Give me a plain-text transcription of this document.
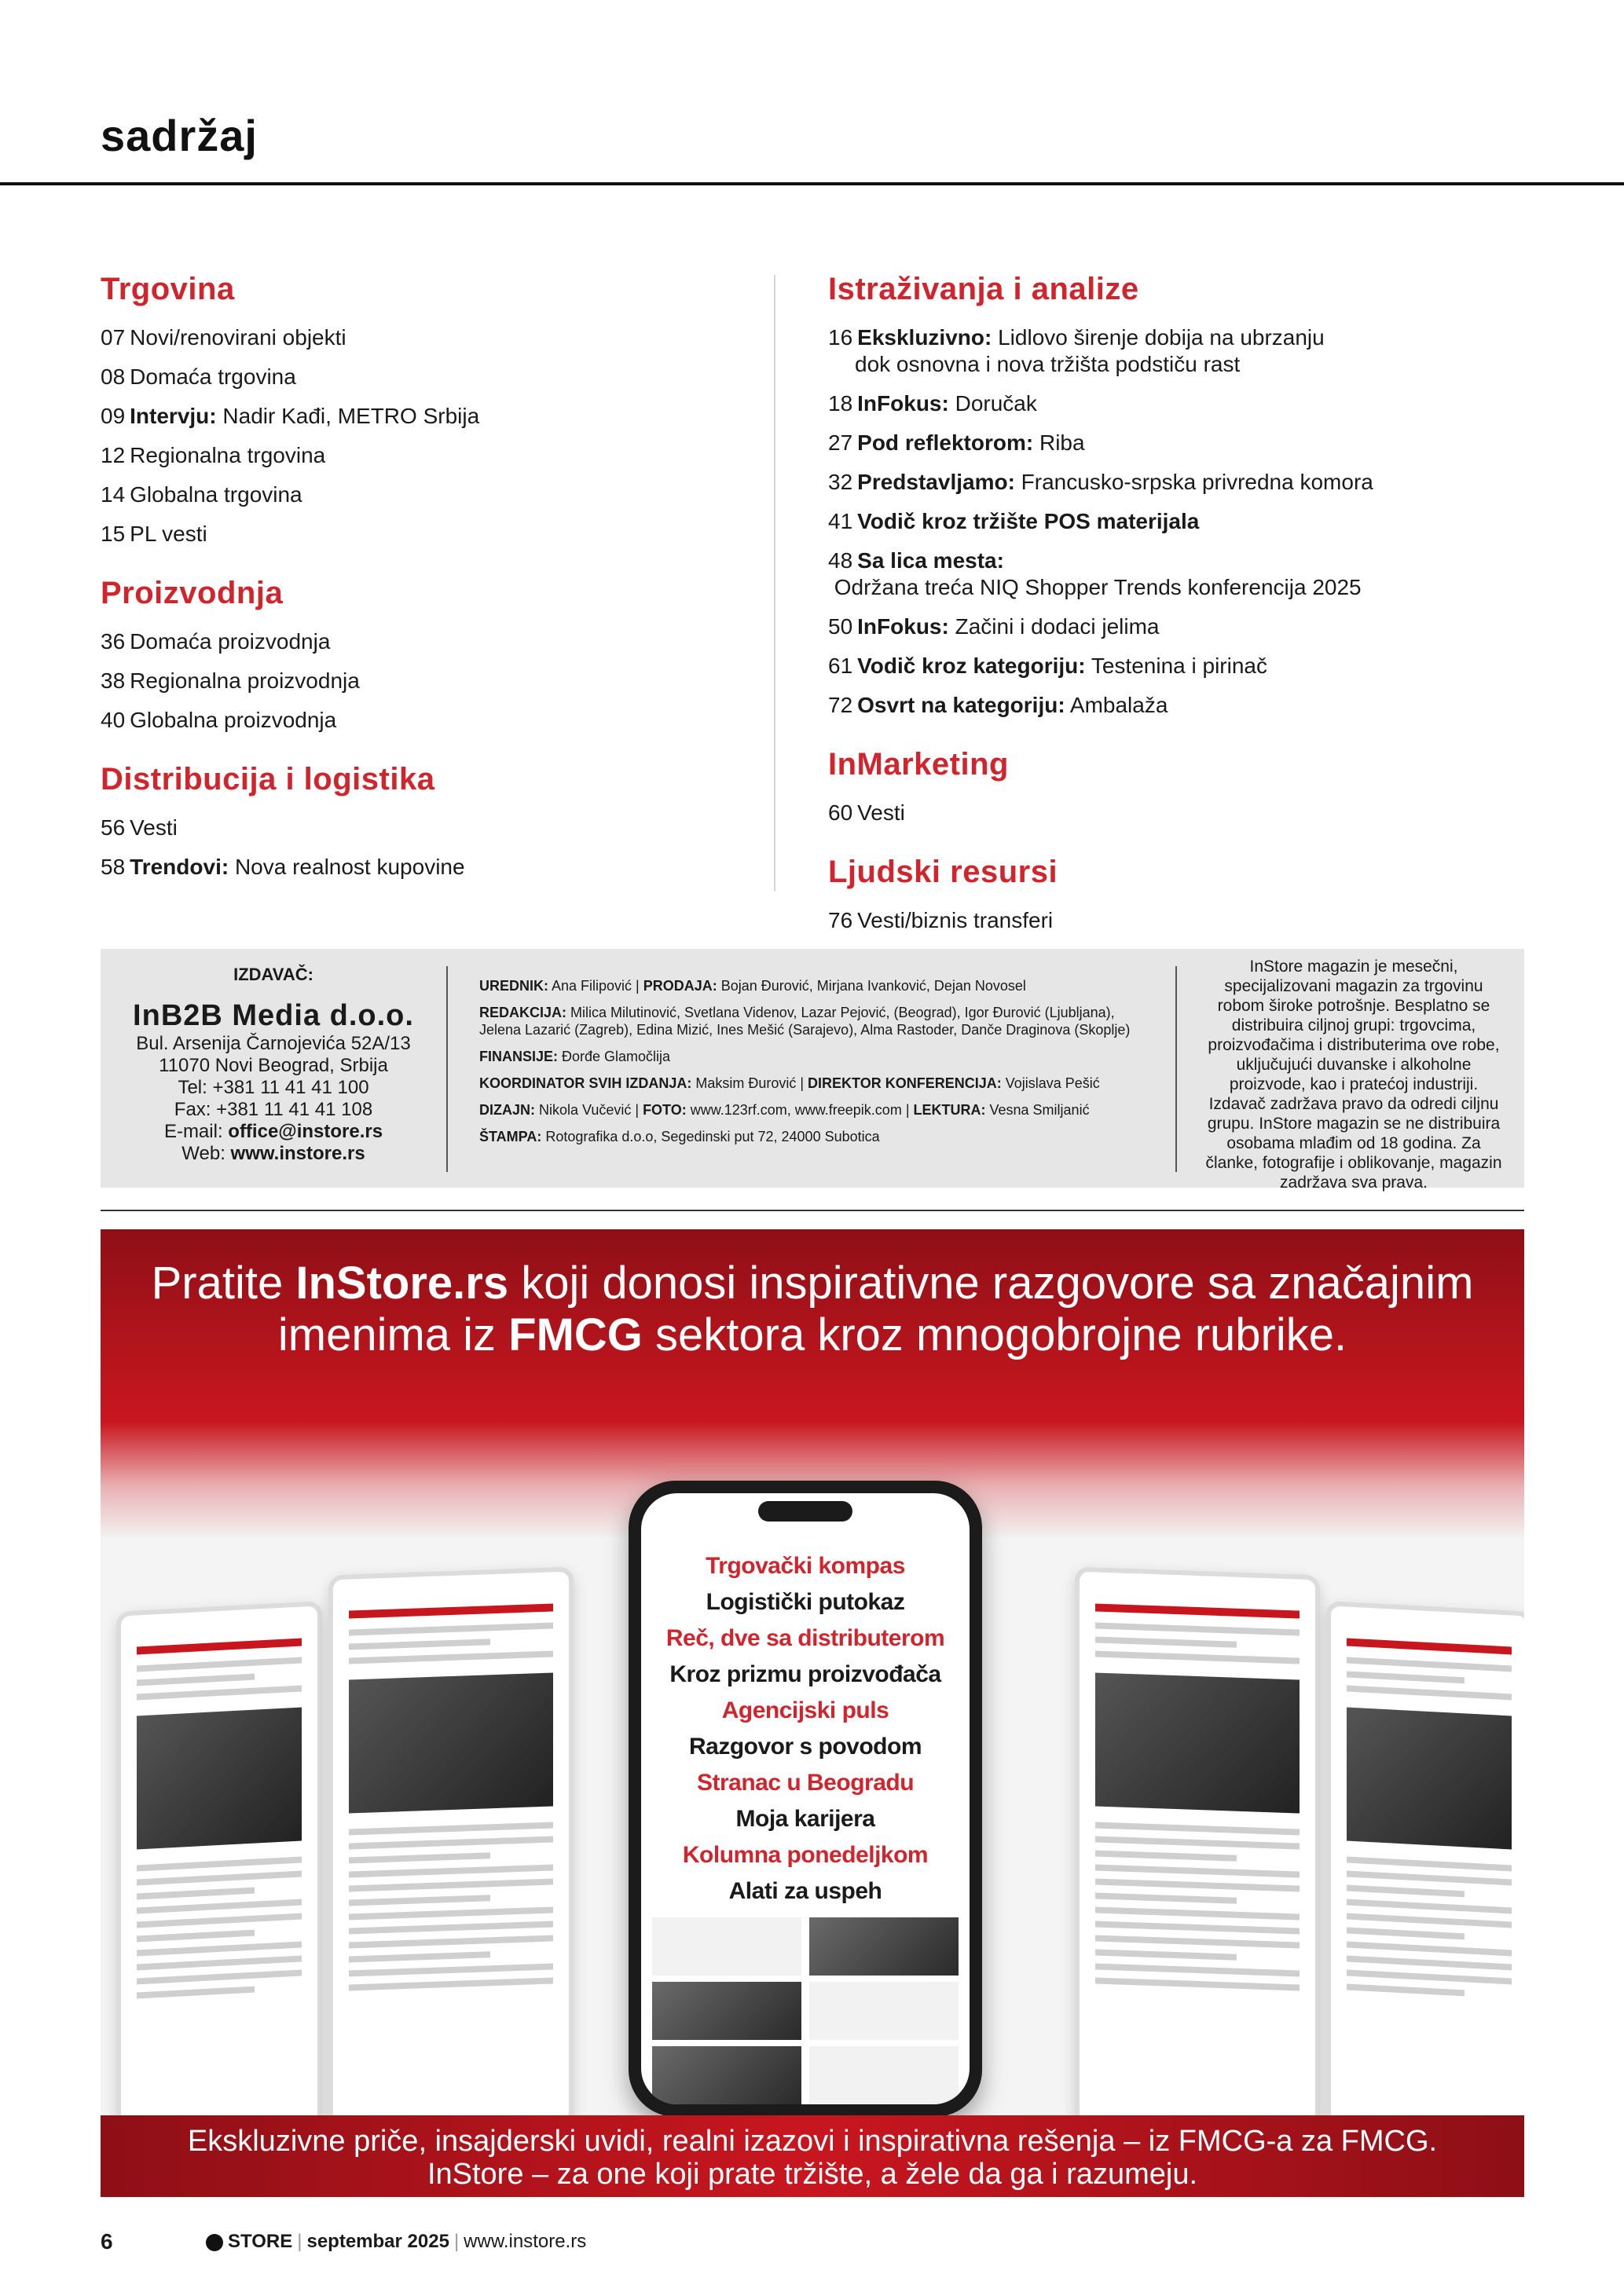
sadržaj
Trgovina
07 Novi/renovirani objekti
08 Domaća trgovina
09 Intervju: Nadir Kađi, METRO Srbija
12 Regionalna trgovina
14 Globalna trgovina
15 PL vesti
Proizvodnja
36 Domaća proizvodnja
38 Regionalna proizvodnja
40 Globalna proizvodnja
Distribucija i logistika
56 Vesti
58 Trendovi: Nova realnost kupovine
Istraživanja i analize
16 Ekskluzivno: Lidlovo širenje dobija na ubrzanju
dok osnovna i nova tržišta podstiču rast
18 InFokus: Doručak
27 Pod reflektorom: Riba
32 Predstavljamo: Francusko-srpska privredna komora
41 Vodič kroz tržište POS materijala
48 Sa lica mesta: Održana treća NIQ Shopper Trends konferencija 2025
50 InFokus: Začini i dodaci jelima
61 Vodič kroz kategoriju: Testenina i pirinač
72 Osvrt na kategoriju: Ambalaža
InMarketing
60 Vesti
Ljudski resursi
76 Vesti/biznis transferi
IZDAVAČ:
InB2B Media d.o.o.
Bul. Arsenija Čarnojevića 52A/13
11070 Novi Beograd, Srbija
Tel: +381 11 41 41 100
Fax: +381 11 41 41 108
E-mail: office@instore.rs
Web: www.instore.rs
UREDNIK: Ana Filipović | PRODAJA: Bojan Đurović, Mirjana Ivanković, Dejan Novosel
REDAKCIJA: Milica Milutinović, Svetlana Videnov, Lazar Pejović, (Beograd), Igor Đurović (Ljubljana), Jelena Lazarić (Zagreb), Edina Mizić, Ines Mešić (Sarajevo), Alma Rastoder, Danče Draginova (Skoplje)
FINANSIJE: Đorđe Glamočlija
KOORDINATOR SVIH IZDANJA: Maksim Đurović | DIREKTOR KONFERENCIJA: Vojislava Pešić
DIZAJN: Nikola Vučević | FOTO: www.123rf.com, www.freepik.com | LEKTURA: Vesna Smiljanić
ŠTAMPA: Rotografika d.o.o, Segedinski put 72, 24000 Subotica
InStore magazin je mesečni, specijalizovani magazin za trgovinu robom široke potrošnje. Besplatno se distribuira ciljnoj grupi: trgovcima, proizvođačima i distributerima ove robe, uključujući duvanske i alkoholne proizvode, kao i pratećoj industriji. Izdavač zadržava pravo da odredi ciljnu grupu. InStore magazin se ne distribuira osobama mlađim od 18 godina. Za članke, fotografije i oblikovanje, magazin zadržava sva prava.
Pratite InStore.rs koji donosi inspirativne razgovore sa značajnim
imenima iz FMCG sektora kroz mnogobrojne rubrike.
Trgovački kompas
Logistički putokaz
Reč, dve sa distributerom
Kroz prizmu proizvođača
Agencijski puls
Razgovor s povodom
Stranac u Beogradu
Moja karijera
Kolumna ponedeljkom
Alati za uspeh
Ekskluzivne priče, insajderski uvidi, realni izazovi i inspirativna rešenja – iz FMCG-a za FMCG.
InStore – za one koji prate tržište, a žele da ga i razumeju.
6	STORE | septembar 2025 | www.instore.rs
